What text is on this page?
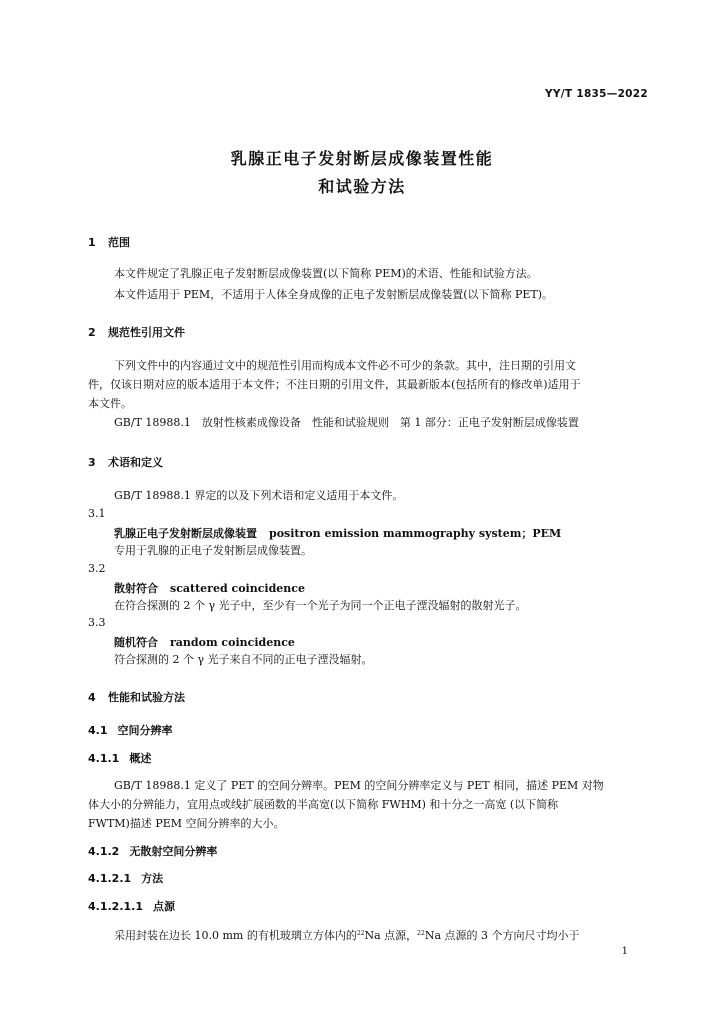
YY/T 1835—2022
乳腺正电子发射断层成像装置性能
和试验方法
1 范围
本文件规定了乳腺正电子发射断层成像装置(以下简称 PEM)的术语、性能和试验方法。
本文件适用于 PEM，不适用于人体全身成像的正电子发射断层成像装置(以下简称 PET)。
2 规范性引用文件
下列文件中的内容通过文中的规范性引用而构成本文件必不可少的条款。其中，注日期的引用文
件，仅该日期对应的版本适用于本文件；不注日期的引用文件，其最新版本(包括所有的修改单)适用于
本文件。
GB/T 18988.1　放射性核素成像设备　性能和试验规则　第 1 部分：正电子发射断层成像装置
3 术语和定义
GB/T 18988.1 界定的以及下列术语和定义适用于本文件。
3.1
乳腺正电子发射断层成像装置 positron emission mammography system；PEM
专用于乳腺的正电子发射断层成像装置。
3.2
散射符合 scattered coincidence
在符合探测的 2 个 γ 光子中，至少有一个光子为同一个正电子湮没辐射的散射光子。
3.3
随机符合 random coincidence
符合探测的 2 个 γ 光子来自不同的正电子湮没辐射。
4 性能和试验方法
4.1 空间分辨率
4.1.1 概述
GB/T 18988.1 定义了 PET 的空间分辨率。PEM 的空间分辨率定义与 PET 相同，描述 PEM 对物
体大小的分辨能力，宜用点或线扩展函数的半高宽(以下简称 FWHM) 和十分之一高宽 (以下简称
FWTM)描述 PEM 空间分辨率的大小。
4.1.2 无散射空间分辨率
4.1.2.1 方法
4.1.2.1.1 点源
采用封装在边长 10.0 mm 的有机玻璃立方体内的$^{22}$Na 点源，$^{22}$Na 点源的 3 个方向尺寸均小于
1
